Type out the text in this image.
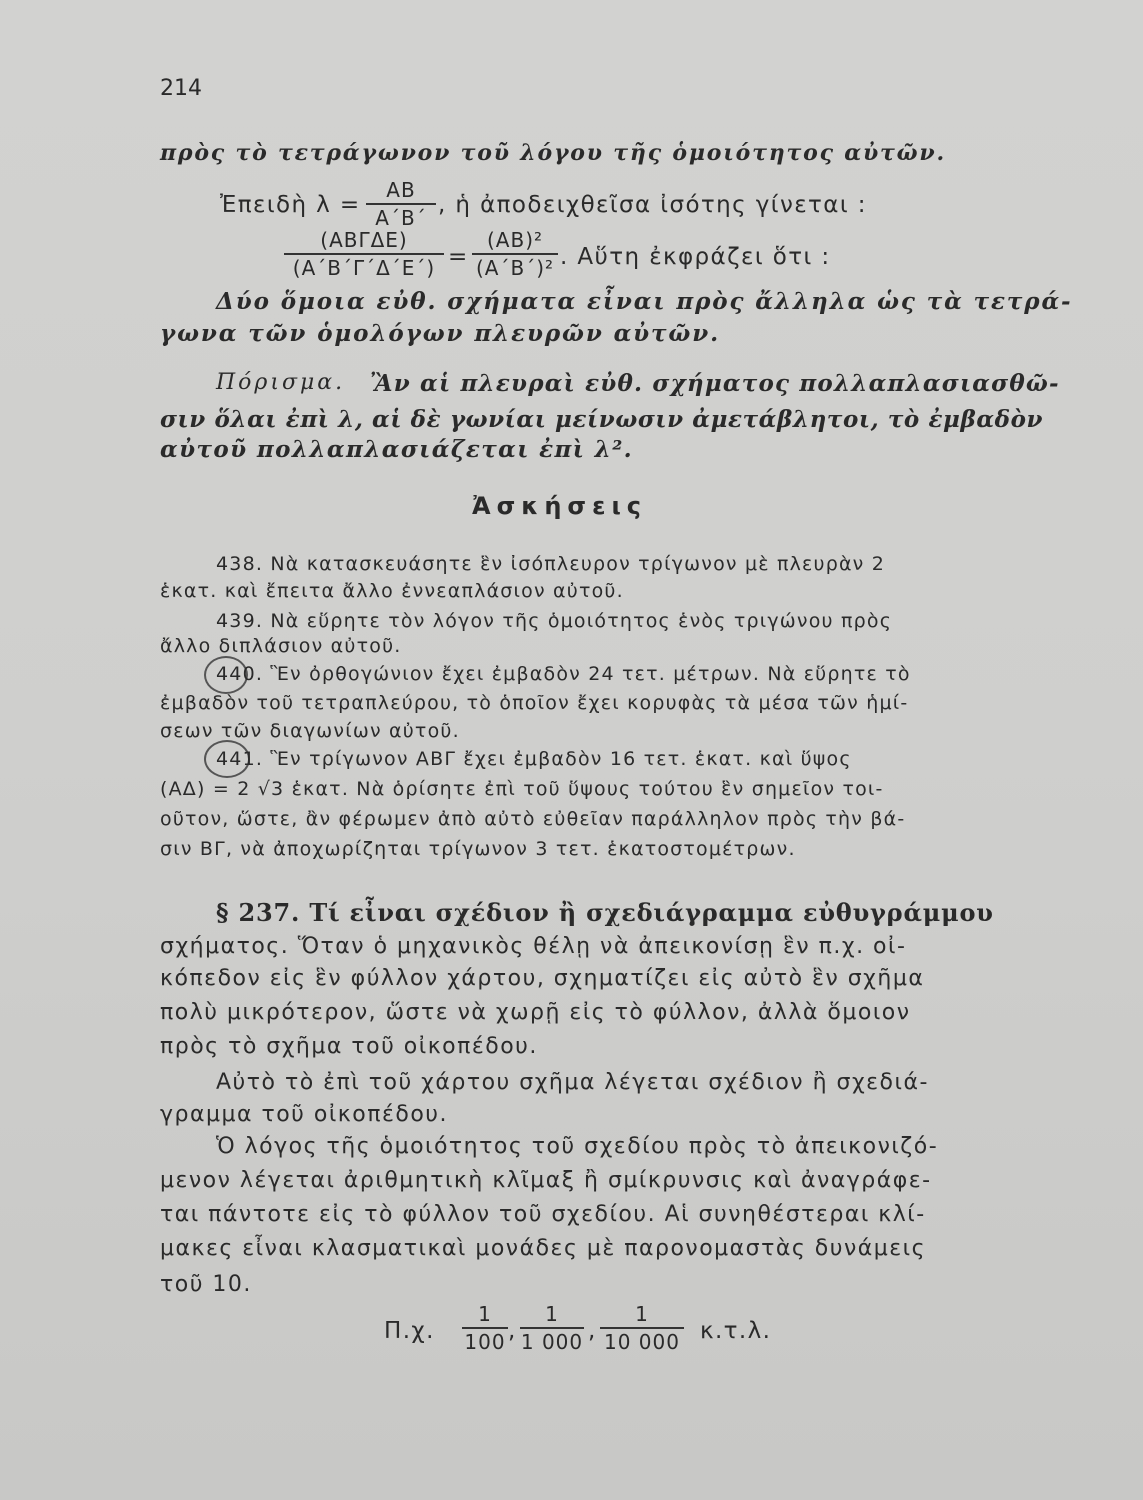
214
πρὸς τὸ τετράγωνον τοῦ λόγου τῆς ὁμοιότητος αὐτῶν.
Ἐπειδὴ $\lambda = \frac{AB}{A΄B΄}$ , ἡ ἀποδειχθεῖσα ἰσότης γίνεται :
(ΑΒΓΔΕ)
$(A΄B΄\Gamma΄\Delta΄E΄) = \frac{\text{(ΑΒ)²}}{\text{(Α΄Β΄)²}}$ . Αὕτη ἐκφράζει ὅτι :
Δύο ὅμοια εὐθ. σχήματα εἶναι πρὸς ἄλληλα ὡς τὰ τετρά-
γωνα τῶν ὁμολόγων πλευρῶν αὐτῶν.
Πόρισμα. Ἂν αἱ πλευραὶ εὐθ. σχήματος πολλαπλασιασθῶ-
σιν ὅλαι ἐπὶ λ, αἱ δὲ γωνίαι μείνωσιν ἀμετάβλητοι, τὸ ἐμβαδὸν
αὐτοῦ πολλαπλασιάζεται ἐπὶ λ².
Ἀσκήσεις
438. Νὰ κατασκευάσητε ἓν ἰσόπλευρον τρίγωνον μὲ πλευρὰν 2
ἑκατ. καὶ ἔπειτα ἄλλο ἐννεαπλάσιον αὐτοῦ.
439. Νὰ εὕρητε τὸν λόγον τῆς ὁμοιότητος ἑνὸς τριγώνου πρὸς
ἄλλο διπλάσιον αὐτοῦ.
440. Ἓν ὀρθογώνιον ἔχει ἐμβαδὸν 24 τετ. μέτρων. Νὰ εὕρητε τὸ
ἐμβαδὸν τοῦ τετραπλεύρου, τὸ ὁποῖον ἔχει κορυφὰς τὰ μέσα τῶν ἡμί-
σεων τῶν διαγωνίων αὐτοῦ.
441. Ἓν τρίγωνον ΑΒΓ ἔχει ἐμβαδὸν 16 τετ. ἑκατ. καὶ ὕψος
(ΑΔ) = 2 √3 ἑκατ. Νὰ ὁρίσητε ἐπὶ τοῦ ὕψους τούτου ἓν σημεῖον τοι-
οῦτον, ὥστε, ἂν φέρωμεν ἀπὸ αὐτὸ εὐθεῖαν παράλληλον πρὸς τὴν βά-
σιν ΒΓ, νὰ ἀποχωρίζηται τρίγωνον 3 τετ. ἑκατοστομέτρων.
§ 237. Τί εἶναι σχέδιον ἢ σχεδιάγραμμα εὐθυγράμμου
σχήματος. Ὅταν ὁ μηχανικὸς θέλῃ νὰ ἀπεικονίσῃ ἓν π.χ. οἰ-
κόπεδον εἰς ἓν φύλλον χάρτου, σχηματίζει εἰς αὐτὸ ἓν σχῆμα
πολὺ μικρότερον, ὥστε νὰ χωρῇ εἰς τὸ φύλλον, ἀλλὰ ὅμοιον
πρὸς τὸ σχῆμα τοῦ οἰκοπέδου.
Αὐτὸ τὸ ἐπὶ τοῦ χάρτου σχῆμα λέγεται σχέδιον ἢ σχεδιά-
γραμμα τοῦ οἰκοπέδου.
Ὁ λόγος τῆς ὁμοιότητος τοῦ σχεδίου πρὸς τὸ ἀπεικονιζό-
μενον λέγεται ἀριθμητικὴ κλῖμαξ ἢ σμίκρυνσις καὶ ἀναγράφε-
ται πάντοτε εἰς τὸ φύλλον τοῦ σχεδίου. Αἱ συνηθέστεραι κλί-
μακες εἶναι κλασματικαὶ μονάδες μὲ παρονομαστὰς δυνάμεις
τοῦ 10.
Π.χ. $\frac{1}{100}$ , $\frac{1}{1 000}$ , $\frac{1}{10 000} \kappa.\tau.\lambda$.
